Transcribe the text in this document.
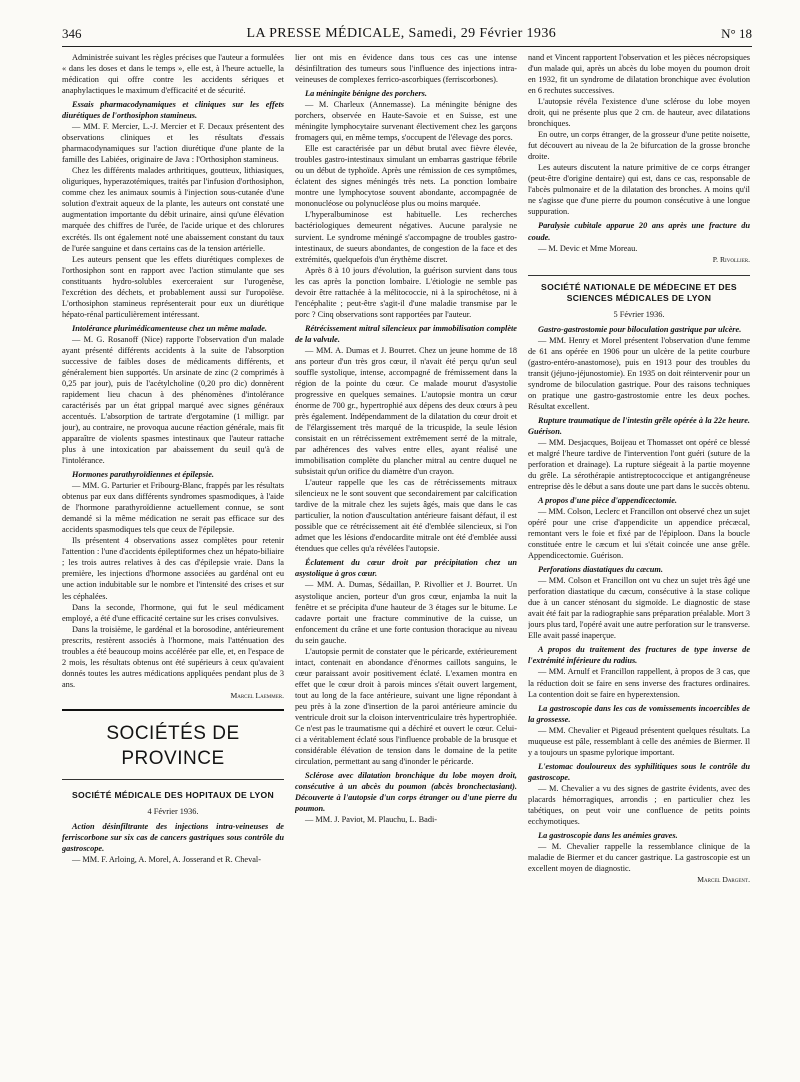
346	LA PRESSE MÉDICALE, Samedi, 29 Février 1936	N° 18

Administrée suivant les règles précises que l'auteur a formulées « dans les doses et dans le temps », elle est, à l'heure actuelle, la médication qui offre contre les accidents sériques et anaphylactiques le maximum d'efficacité et de sécurité.

Essais pharmacodynamiques et cliniques sur les effets diurétiques de l'orthosiphon stamineus.

— MM. F. Mercier, L.-J. Mercier et F. Decaux présentent des observations cliniques et les résultats d'essais pharmacodynamiques sur l'action diurétique d'une plante de la famille des Labiées, originaire de Java : l'Orthosiphon stamineus.

Chez les différents malades arthritiques, goutteux, lithiasiques, oliguriques, hyperazotémiques, traités par l'infusion d'orthosiphon, comme chez les animaux soumis à l'injection sous-cutanée d'une solution d'extrait aqueux de la plante, les auteurs ont constaté une augmentation importante du débit urinaire, ainsi qu'une élévation marquée des chiffres de l'urée, de l'acide urique et des chlorures excrétés. Ils ont également noté une abaissement constant du taux de l'urée sanguine et dans certains cas de la tension artérielle.

Les auteurs pensent que les effets diurétiques complexes de l'orthosiphon sont en rapport avec l'action stimulante que ses constituants hydro-solubles exerceraient sur l'urogenèse, l'excrétion des déchets, et probablement aussi sur l'uropoïèse. L'orthosiphon stamineus représenterait pour eux un diurétique hépato-rénal particulièrement intéressant.

Intolérance plurimédicamenteuse chez un même malade.

— M. G. Rosanoff (Nice) rapporte l'observation d'un malade ayant présenté différents accidents à la suite de l'absorption successive de faibles doses de médicaments différents, et généralement bien supportés. Un arsinate de zinc (2 comprimés à 0,25 par jour), puis de l'acétylcholine (0,20 pro dic) donnèrent rapidement lieu chacun à des phénomènes d'intolérance caractérisés par un état grippal marqué avec signes généraux accentués. L'absorption de tartrate d'ergotamine (1 milligr. par jour), au contraire, ne provoqua aucune réaction générale, mais fit apparaître de violents spasmes intestinaux que l'auteur rattache plus à une intoxication par abaissement du seuil qu'à de l'intolérance.

Hormones parathyroïdiennes et épilepsie.

— MM. G. Parturier et Fribourg-Blanc, frappés par les résultats obtenus par eux dans différents syndromes spasmodiques, à l'aide de l'hormone parathyroïdienne actuellement connue, se sont demandé si la même médication ne serait pas efficace sur des accidents spasmodiques tels que ceux de l'épilepsie.

Ils présentent 4 observations assez complètes pour retenir l'attention : l'une d'accidents épileptiformes chez un hépato-biliaire ; les trois autres relatives à des cas d'épilepsie vraie. Dans la première, les injections d'hormone associées au gardénal ont eu une action indubitable sur le nombre et l'intensité des crises et sur les céphalées.

Dans la seconde, l'hormone, qui fut le seul médicament employé, a été d'une efficacité certaine sur les crises convulsives.

Dans la troisième, le gardénal et la borosodine, antérieurement prescrits, restèrent associés à l'hormone, mais l'atténuation des troubles a été beaucoup moins accélérée par elle, et, en l'espace de 2 mois, les résultats obtenus ont été supérieurs à ceux qu'avaient donnés toutes les autres médications appliquées pendant plus de 3 ans.

Marcel Laemmer.

SOCIÉTÉS DE PROVINCE

SOCIÉTÉ MÉDICALE DES HOPITAUX DE LYON

4 Février 1936.

Action désinfiltrante des injections intra-veineuses de ferriscorbone sur six cas de cancers gastriques sous contrôle du gastroscope.

— MM. F. Arloing, A. Morel, A. Josserand et R. Cheval-

lier ont mis en évidence dans tous ces cas une intense désinfiltration des tumeurs sous l'influence des injections intra-veineuses de complexes ferrico-ascorbiques (ferriscorbones).

La méningite bénigne des porchers.

— M. Charleux (Annemasse). La méningite bénigne des porchers, observée en Haute-Savoie et en Suisse, est une méningite lymphocytaire survenant électivement chez les garçons fromagers qui, en même temps, s'occupent de l'élevage des porcs.

Elle est caractérisée par un début brutal avec fièvre élevée, troubles gastro-intestinaux simulant un embarras gastrique fébrile ou un début de typhoïde. Après une rémission de ces symptômes, éclatent des signes méningés très nets. La ponction lombaire montre une lymphocytose souvent abondante, accompagnée de mononucléose ou polynucléose plus ou moins marquée.

L'hyperalbuminose est habituelle. Les recherches bactériologiques demeurent négatives. Aucune paralysie ne survient. Le syndrome méningé s'accompagne de troubles gastro-intestinaux, de sueurs abondantes, de congestion de la face et des extrémités, quelquefois d'un érythème discret.

Après 8 à 10 jours d'évolution, la guérison survient dans tous les cas après la ponction lombaire. L'étiologie ne semble pas devoir être rattachée à la mélitococcie, ni à la spirochétose, ni à l'encéphalite ; peut-être s'agit-il d'une maladie transmise par le porc ? Cinq observations sont rapportées par l'auteur.

Rétrécissement mitral silencieux par immobilisation complète de la valvule.

— MM. A. Dumas et J. Bourret. Chez un jeune homme de 18 ans porteur d'un très gros cœur, il n'avait été perçu qu'un seul souffle systolique, intense, accompagné de frémissement dans la région de la pointe du cœur. Ce malade mourut d'asystolie progressive en quelques semaines. L'autopsie montra un cœur énorme de 700 gr., hypertrophié aux dépens des deux cœurs à peu près également. Indépendamment de la dilatation du cœur droit et de l'élargissement très marqué de la tricuspide, la seule lésion consistait en un rétrécissement extrêmement serré de la mitrale, par adhérences des valves entre elles, ayant réalisé une immobilisation complète du plancher mitral au centre duquel ne subsistait qu'un orifice du diamètre d'un crayon.

L'auteur rappelle que les cas de rétrécissements mitraux silencieux ne le sont souvent que secondairement par calcification tardive de la mitrale chez les sujets âgés, mais que dans le cas particulier, la notion d'auscultation antérieure faisant défaut, il est possible que ce rétrécissement ait été d'emblée silencieux, si l'on admet que les lésions d'endocardite mitrale ont été d'emblée aussi étendues que celles qu'a révélées l'autopsie.

Éclatement du cœur droit par précipitation chez un asystolique à gros cœur.

— MM. A. Dumas, Sédaillan, P. Rivollier et J. Bourret. Un asystolique ancien, porteur d'un gros cœur, enjamba la nuit la fenêtre et se précipita d'une hauteur de 3 étages sur le bitume. Le cadavre portait une fracture comminutive de la cuisse, un enfoncement du crâne et une forte contusion thoracique au niveau du sein gauche.

L'autopsie permit de constater que le péricarde, extérieurement intact, contenait en abondance d'énormes caillots sanguins, le cœur paraissant avoir positivement éclaté. L'examen montra en effet que le cœur droit à parois minces s'était ouvert largement, tout au long de la face antérieure, suivant une ligne répondant à peu près à la zone d'insertion de la paroi antérieure amincie du ventricule droit sur la cloison interventriculaire très hypertrophiée. Ce n'est pas le traumatisme qui a déchiré et ouvert le cœur. Celui-ci a véritablement éclaté sous l'influence probable de la brusque et considérable élévation de tension dans le domaine de la petite circulation, permettant au sang d'inonder le péricarde.

Sclérose avec dilatation bronchique du lobe moyen droit, consécutive à un abcès du poumon (abcès bronchectasiant). Découverte à l'autopsie d'un corps étranger ou d'une pierre du poumon.

— MM. J. Paviot, M. Plauchu, L. Badi-

nand et Vincent rapportent l'observation et les pièces nécropsiques d'un malade qui, après un abcès du lobe moyen du poumon droit en 1932, fit un syndrome de dilatation bronchique avec évolution en 6 rechutes successives.

L'autopsie révéla l'existence d'une sclérose du lobe moyen droit, qui ne présente plus que 2 cm. de hauteur, avec dilatations bronchiques.

En outre, un corps étranger, de la grosseur d'une petite noisette, fut découvert au niveau de la 2e bifurcation de la grosse bronche droite.

Les auteurs discutent la nature primitive de ce corps étranger (peut-être d'origine dentaire) qui est, dans ce cas, responsable de l'abcès pulmonaire et de la dilatation des bronches. A moins qu'il ne s'agisse que d'une pierre du poumon consécutive à une longue suppuration.

Paralysie cubitale apparue 20 ans après une fracture du coude.

— M. Devic et Mme Moreau.

P. Rivollier.

SOCIÉTÉ NATIONALE DE MÉDECINE ET DES SCIENCES MÉDICALES DE LYON

5 Février 1936.

Gastro-gastrostomie pour biloculation gastrique par ulcère.

— MM. Henry et Morel présentent l'observation d'une femme de 61 ans opérée en 1906 pour un ulcère de la petite courbure (gastro-entéro-anastomose), puis en 1913 pour des troubles du transit (jéjuno-jéjunostomie). En 1935 on doit réintervenir pour un syndrome de biloculation gastrique. Pour des raisons techniques on pratique une gastro-gastrostomie entre les deux poches. Résultat excellent.

Rupture traumatique de l'intestin grêle opérée à la 22e heure. Guérison.

— MM. Desjacques, Boijeau et Thomasset ont opéré ce blessé et malgré l'heure tardive de l'intervention l'ont guéri (suture de la perforation et drainage). La rupture siégeait à la partie moyenne du grêle. La sérothérapie antistreptococcique et antigangréneuse entreprise dès le début a sans doute une part dans le succès obtenu.

A propos d'une pièce d'appendicectomie.

— MM. Colson, Leclerc et Francillon ont observé chez un sujet opéré pour une crise d'appendicite un appendice précæcal, remontant vers le foie et fixé par de l'épiploon. Dans la boucle constituée entre le cæcum et lui s'était coincée une anse grêle. Appendicectomie. Guérison.

Perforations diastatiques du cæcum.

— MM. Colson et Francillon ont vu chez un sujet très âgé une perforation diastatique du cæcum, consécutive à la stase colique due à un cancer sténosant du sigmoïde. Le diagnostic de stase avait été fait par la radiographie sans préparation préalable. Mort 3 jours plus tard, l'opéré avait une autre perforation sur le transverse. Elle avait passé inaperçue.

A propos du traitement des fractures de type inverse de l'extrémité inférieure du radius.

— MM. Arnulf et Francillon rappellent, à propos de 3 cas, que la réduction doit se faire en sens inverse des fractures ordinaires. La contention doit se faire en hyperextension.

La gastroscopie dans les cas de vomissements incoercibles de la grossesse.

— MM. Chevalier et Pigeaud présentent quelques résultats. La muqueuse est pâle, ressemblant à celle des anémies de Biermer. Il y a toujours un spasme pylorique important.

L'estomac douloureux des syphilitiques sous le contrôle du gastroscope.

— M. Chevalier a vu des signes de gastrite évidents, avec des placards hémorragiques, arrondis ; en particulier chez les tabétiques, on peut voir une confluence de petits points ecchymotiques.

La gastroscopie dans les anémies graves.

— M. Chevalier rappelle la ressemblance clinique de la maladie de Biermer et du cancer gastrique. La gastroscopie est un excellent moyen de diagnostic.

Marcel Dargent.
